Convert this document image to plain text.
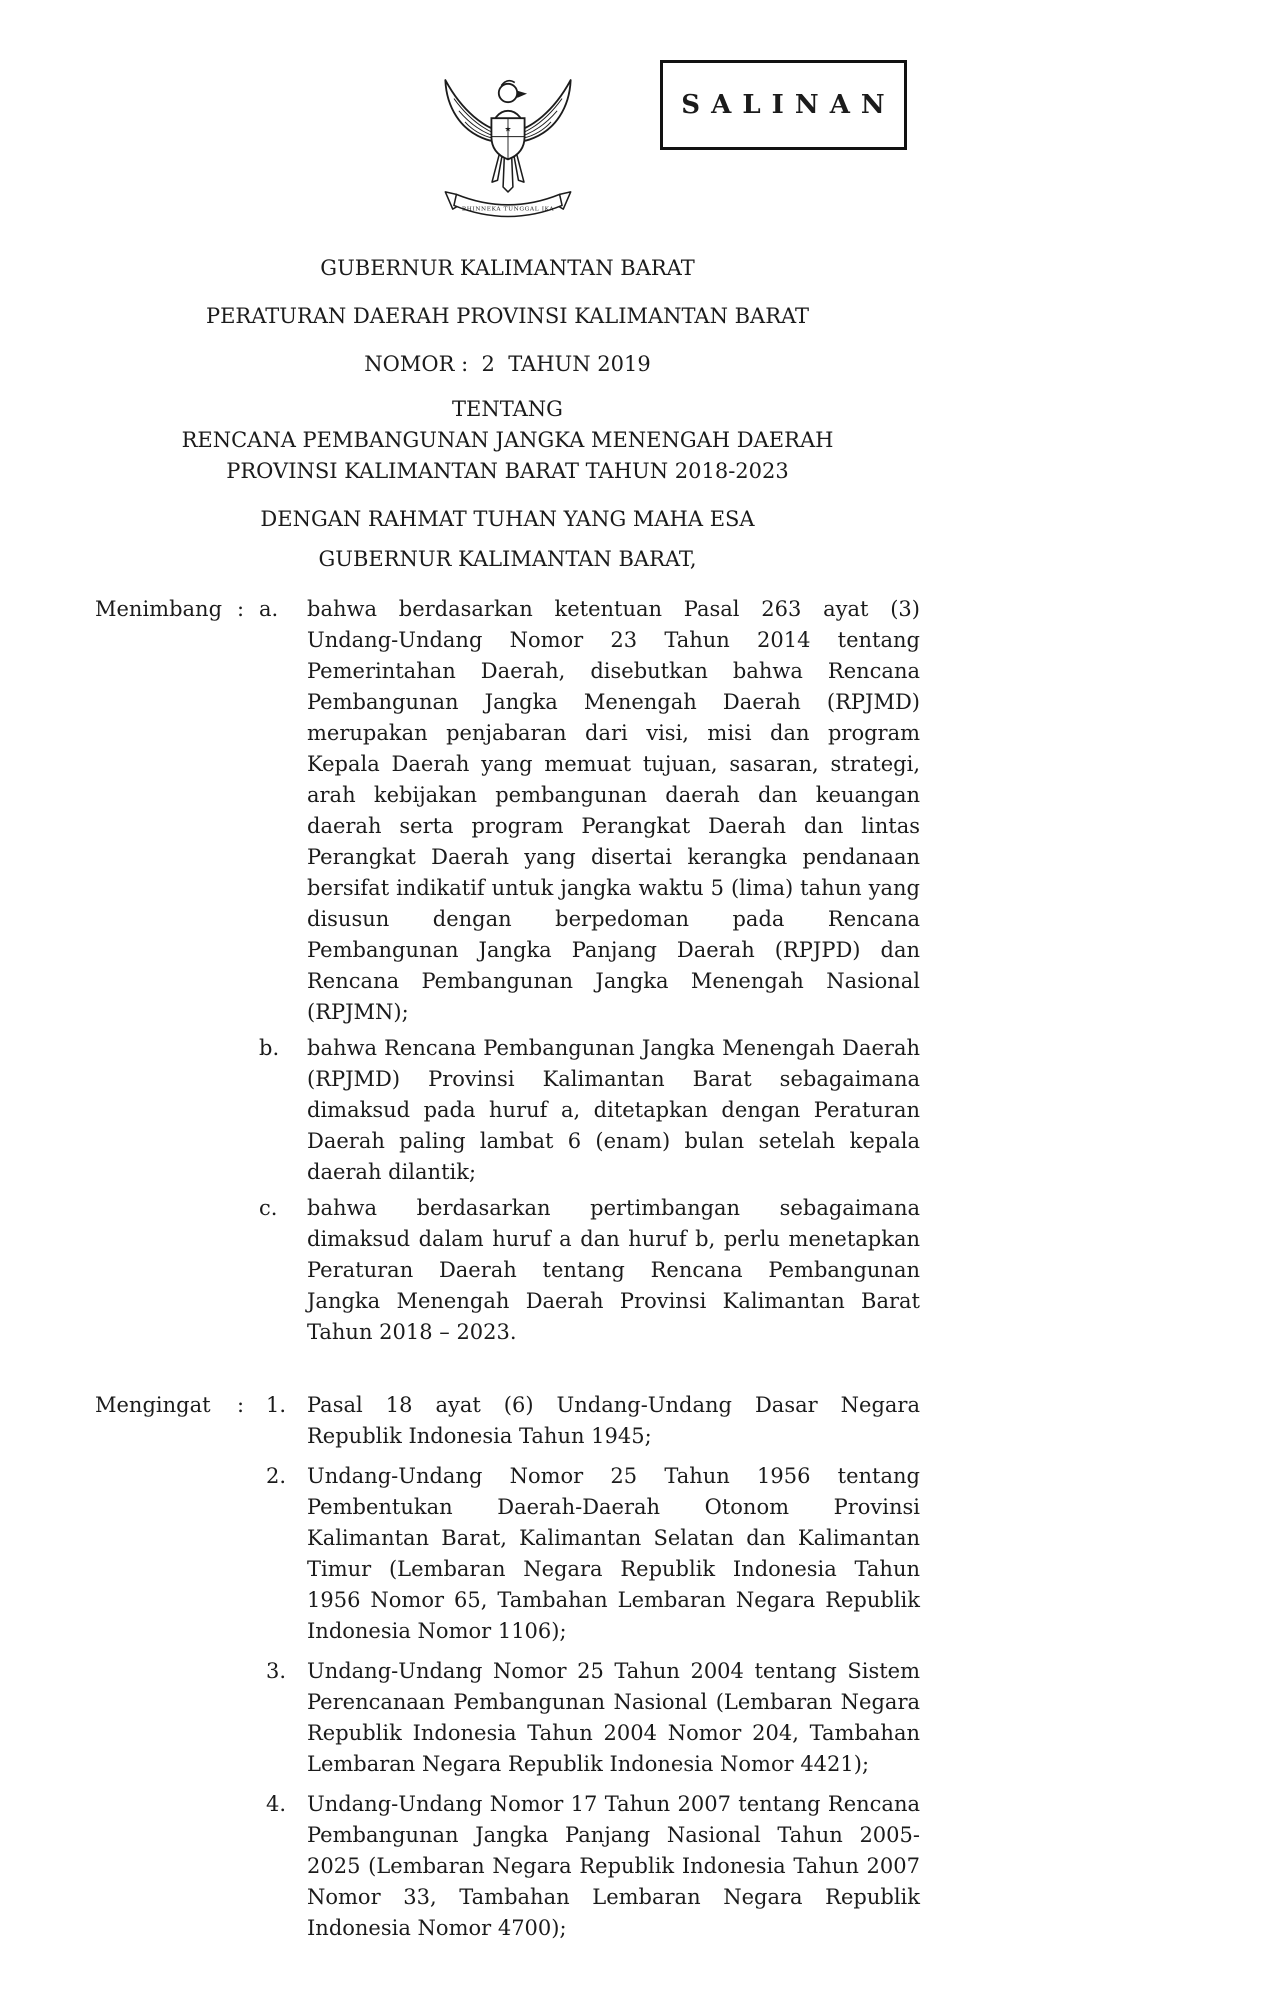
S A L I N A N
★
BHINNEKA TUNGGAL IKA
GUBERNUR KALIMANTAN BARAT
PERATURAN DAERAH PROVINSI KALIMANTAN BARAT
NOMOR :  2  TAHUN 2019
TENTANG
RENCANA PEMBANGUNAN JANGKA MENENGAH DAERAH
PROVINSI KALIMANTAN BARAT TAHUN 2018-2023
DENGAN RAHMAT TUHAN YANG MAHA ESA
GUBERNUR KALIMANTAN BARAT,
Menimbang : a.	bahwa berdasarkan ketentuan Pasal 263 ayat (3) Undang-Undang Nomor 23 Tahun 2014 tentang Pemerintahan Daerah, disebutkan bahwa Rencana Pembangunan Jangka Menengah Daerah (RPJMD) merupakan penjabaran dari visi, misi dan program Kepala Daerah yang memuat tujuan, sasaran, strategi, arah kebijakan pembangunan daerah dan keuangan daerah serta program Perangkat Daerah dan lintas Perangkat Daerah yang disertai kerangka pendanaan bersifat indikatif untuk jangka waktu 5 (lima) tahun yang disusun dengan berpedoman pada Rencana Pembangunan Jangka Panjang Daerah (RPJPD) dan Rencana Pembangunan Jangka Menengah Nasional (RPJMN);
b.	bahwa Rencana Pembangunan Jangka Menengah Daerah (RPJMD) Provinsi Kalimantan Barat sebagaimana dimaksud pada huruf a, ditetapkan dengan Peraturan Daerah paling lambat 6 (enam) bulan setelah kepala daerah dilantik;
c.	bahwa berdasarkan pertimbangan sebagaimana dimaksud dalam huruf a dan huruf b, perlu menetapkan Peraturan Daerah tentang Rencana Pembangunan Jangka Menengah Daerah Provinsi Kalimantan Barat Tahun 2018 – 2023.
Mengingat	:	1. Pasal 18 ayat (6) Undang-Undang Dasar Negara Republik Indonesia Tahun 1945;
2. Undang-Undang Nomor 25 Tahun 1956 tentang Pembentukan Daerah-Daerah Otonom Provinsi Kalimantan Barat, Kalimantan Selatan dan Kalimantan Timur (Lembaran Negara Republik Indonesia Tahun 1956 Nomor 65, Tambahan Lembaran Negara Republik Indonesia Nomor 1106);
3. Undang-Undang Nomor 25 Tahun 2004 tentang Sistem Perencanaan Pembangunan Nasional (Lembaran Negara Republik Indonesia Tahun 2004 Nomor 204, Tambahan Lembaran Negara Republik Indonesia Nomor 4421);
4. Undang-Undang Nomor 17 Tahun 2007 tentang Rencana Pembangunan Jangka Panjang Nasional Tahun 2005-2025 (Lembaran Negara Republik Indonesia Tahun 2007 Nomor 33, Tambahan Lembaran Negara Republik Indonesia Nomor 4700);
